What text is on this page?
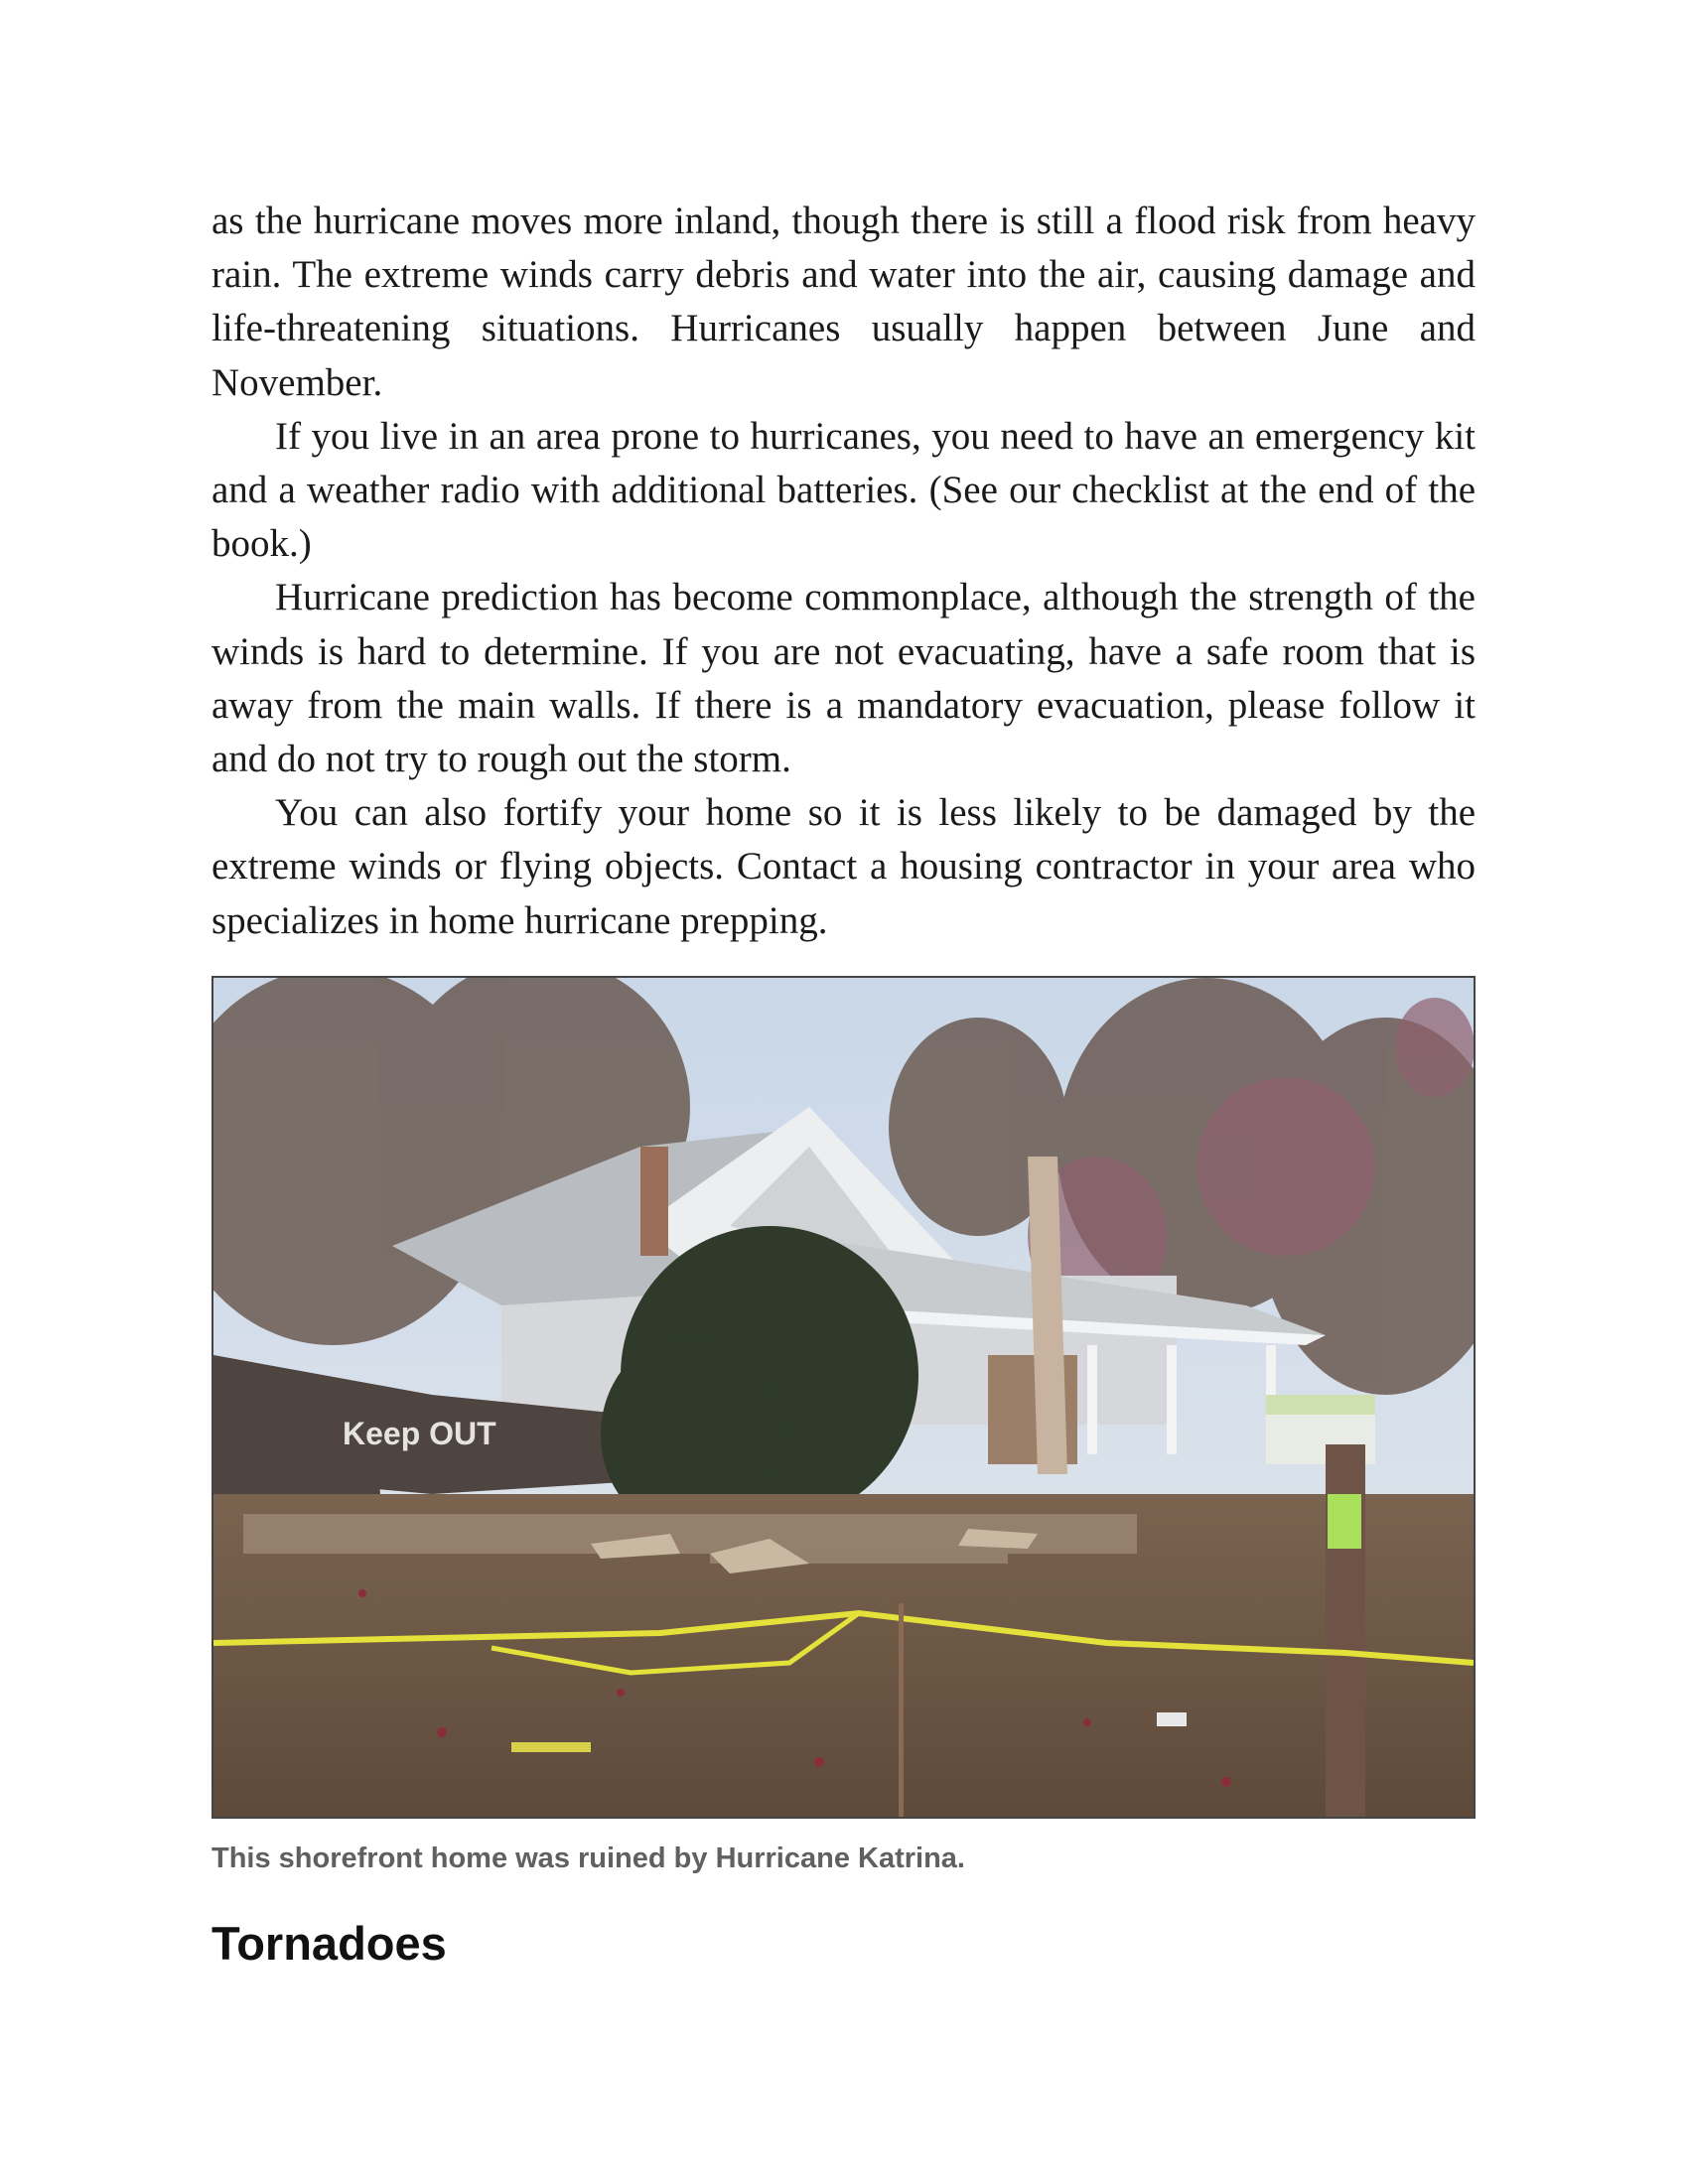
as the hurricane moves more inland, though there is still a flood risk from heavy rain. The extreme winds carry debris and water into the air, causing damage and life-threatening situations. Hurricanes usually happen between June and November.

If you live in an area prone to hurricanes, you need to have an emergency kit and a weather radio with additional batteries. (See our checklist at the end of the book.)

Hurricane prediction has become commonplace, although the strength of the winds is hard to determine. If you are not evacuating, have a safe room that is away from the main walls. If there is a mandatory evacuation, please follow it and do not try to rough out the storm.

You can also fortify your home so it is less likely to be damaged by the extreme winds or flying objects. Contact a housing contractor in your area who specializes in home hurricane prepping.

Keep OUT
This shorefront home was ruined by Hurricane Katrina.
Tornadoes
